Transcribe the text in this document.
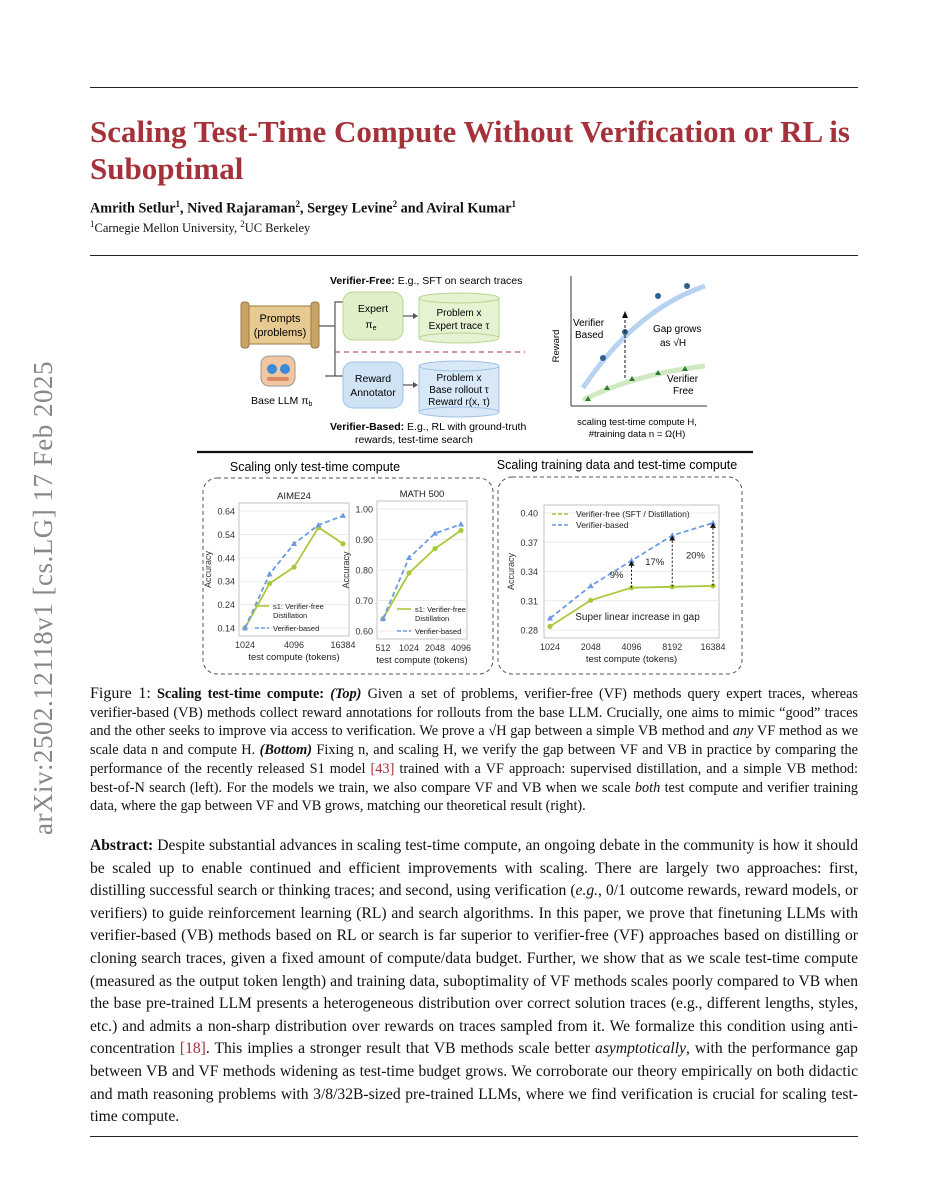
arXiv:2502.12118v1 [cs.LG] 17 Feb 2025
Scaling Test-Time Compute Without Verification or RL is Suboptimal
Amrith Setlur$^1$, Nived Rajaraman$^2$, Sergey Levine$^2$ and Aviral Kumar$^1$
$^1$Carnegie Mellon University, $^2$UC Berkeley
Verifier-Free: E.g., SFT on search traces
Prompts
(problems)
Base LLM πb
Expert
πe
Problem x
Expert trace τ
Reward
Annotator
Problem x
Base rollout τ
Reward r(x, τ)
Verifier-Based: E.g., RL with ground-truth
rewards, test-time search
Reward
Verifier
Based
Gap grows
as √H
Verifier
Free
scaling test-time compute H,
#training data n = Ω(H)
Scaling only test-time compute	Scaling training data and test-time compute
0.64
0.54
0.44
0.34
0.24
0.14
1024	4096	16384
Accuracy
test compute (tokens)
AIME24
s1: Verifier-free
Distillation
Verifier-based
1.00
0.90
0.80
0.70
0.60
512 1024 2048 4096
Accuracy
test compute (tokens)
MATH 500
s1: Verifier-free
Distillation
Verifier-based
0.40
0.37
0.34
0.31
0.28
1024 2048 4096 8192 16384
Accuracy
test compute (tokens)
Verifier-free (SFT / Distillation)
Verifier-based
9%
17%
20%
Super linear increase in gap
Figure 1: Scaling test-time compute: (Top) Given a set of problems, verifier-free (VF) methods query expert traces, whereas verifier-based (VB) methods collect reward annotations for rollouts from the base LLM. Crucially, one aims to mimic “good” traces and the other seeks to improve via access to verification. We prove a √H gap between a simple VB method and any VF method as we scale data n and compute H. (Bottom) Fixing n, and scaling H, we verify the gap between VF and VB in practice by comparing the performance of the recently released S1 model [43] trained with a VF approach: supervised distillation, and a simple VB method: best-of-N search (left). For the models we train, we also compare VF and VB when we scale both test compute and verifier training data, where the gap between VF and VB grows, matching our theoretical result (right).
Abstract: Despite substantial advances in scaling test-time compute, an ongoing debate in the community is how it should be scaled up to enable continued and efficient improvements with scaling. There are largely two approaches: first, distilling successful search or thinking traces; and second, using verification (e.g., 0/1 outcome rewards, reward models, or verifiers) to guide reinforcement learning (RL) and search algorithms. In this paper, we prove that finetuning LLMs with verifier-based (VB) methods based on RL or search is far superior to verifier-free (VF) approaches based on distilling or cloning search traces, given a fixed amount of compute/data budget. Further, we show that as we scale test-time compute (measured as the output token length) and training data, suboptimality of VF methods scales poorly compared to VB when the base pre-trained LLM presents a heterogeneous distribution over correct solution traces (e.g., different lengths, styles, etc.) and admits a non-sharp distribution over rewards on traces sampled from it. We formalize this condition using anti-concentration [18]. This implies a stronger result that VB methods scale better asymptotically, with the performance gap between VB and VF methods widening as test-time budget grows. We corroborate our theory empirically on both didactic and math reasoning problems with 3/8/32B-sized pre-trained LLMs, where we find verification is crucial for scaling test-time compute.
